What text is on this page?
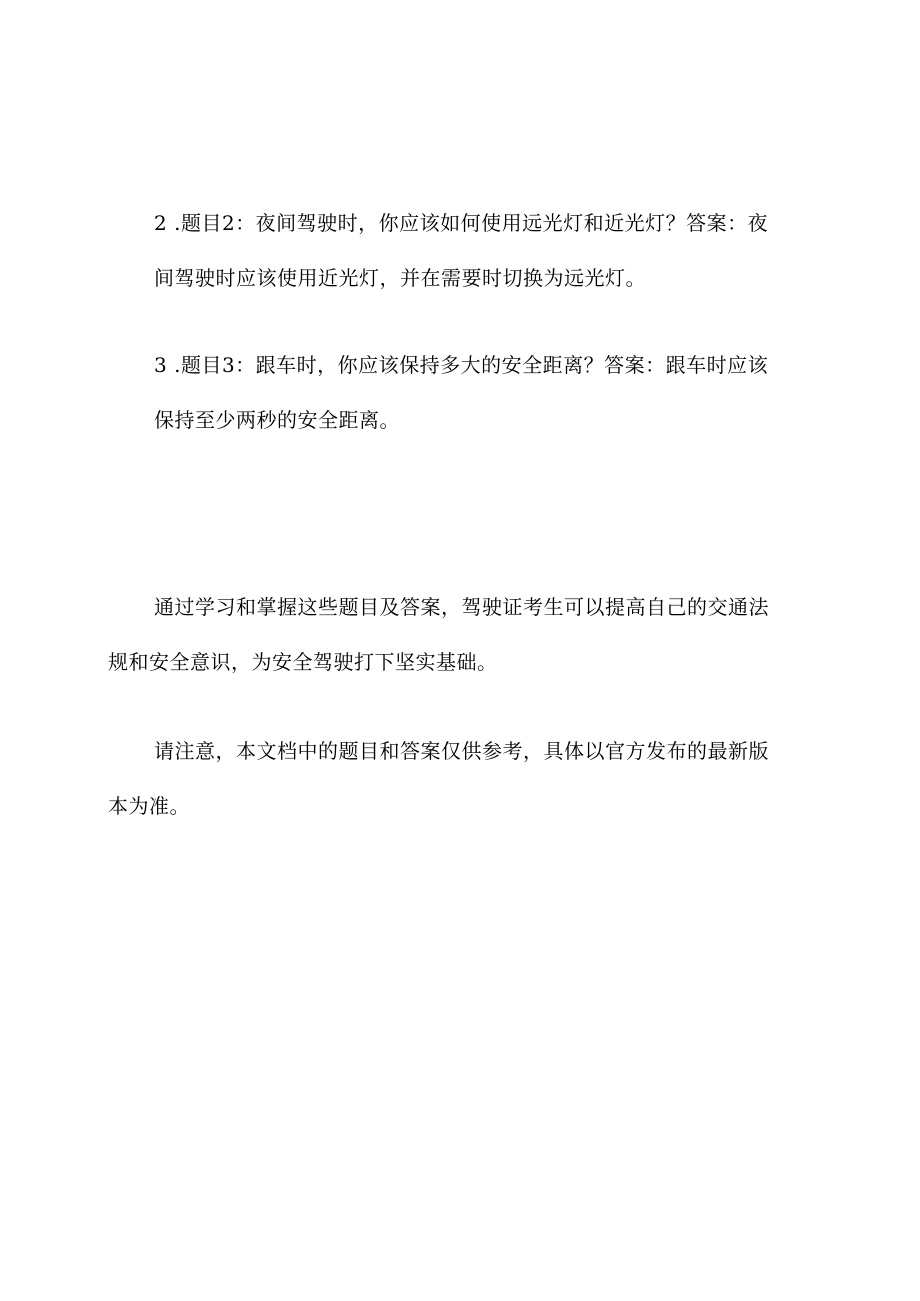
2 .题目2：夜间驾驶时，你应该如何使用远光灯和近光灯？答案：夜
间驾驶时应该使用近光灯，并在需要时切换为远光灯。

3 .题目3：跟车时，你应该保持多大的安全距离？答案：跟车时应该
保持至少两秒的安全距离。

通过学习和掌握这些题目及答案，驾驶证考生可以提高自己的交通法
规和安全意识，为安全驾驶打下坚实基础。

请注意，本文档中的题目和答案仅供参考，具体以官方发布的最新版
本为准。
